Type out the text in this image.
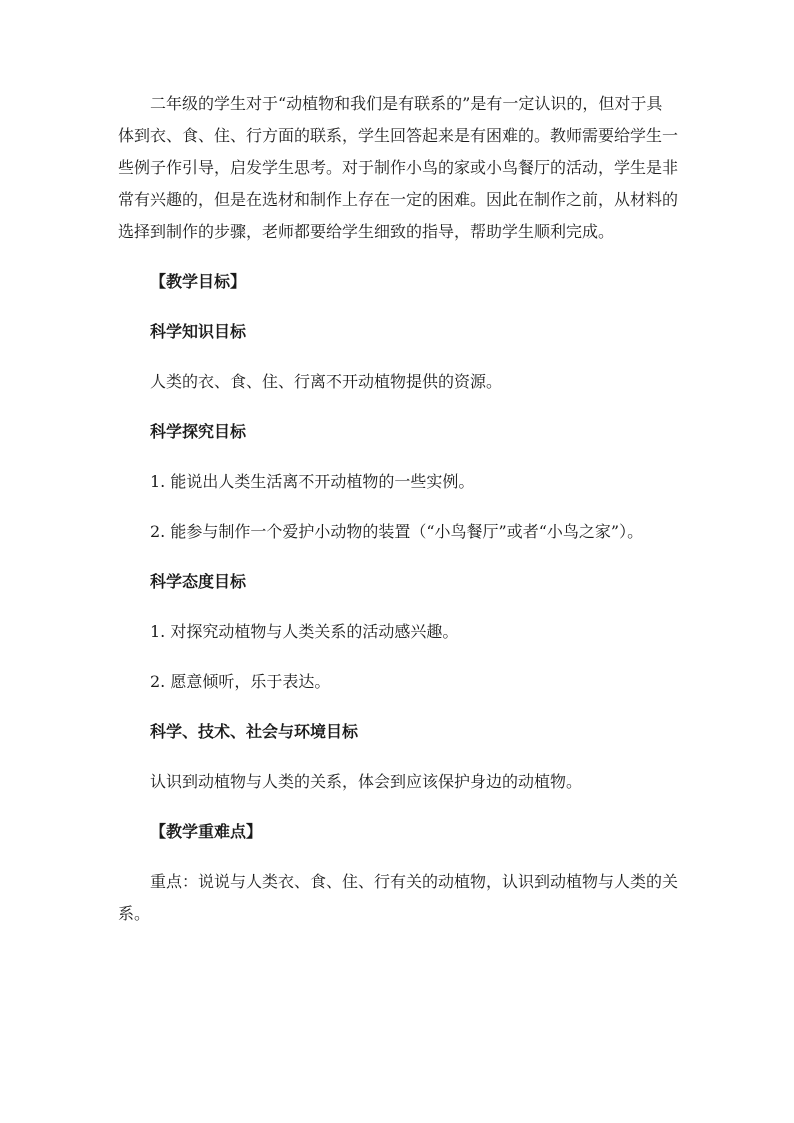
二年级的学生对于“动植物和我们是有联系的”是有一定认识的，但对于具体到衣、食、住、行方面的联系，学生回答起来是有困难的。教师需要给学生一些例子作引导，启发学生思考。对于制作小鸟的家或小鸟餐厅的活动，学生是非常有兴趣的，但是在选材和制作上存在一定的困难。因此在制作之前，从材料的选择到制作的步骤，老师都要给学生细致的指导，帮助学生顺利完成。

【教学目标】

科学知识目标

人类的衣、食、住、行离不开动植物提供的资源。

科学探究目标

1. 能说出人类生活离不开动植物的一些实例。

2. 能参与制作一个爱护小动物的装置（“小鸟餐厅”或者“小鸟之家”）。

科学态度目标

1. 对探究动植物与人类关系的活动感兴趣。

2. 愿意倾听，乐于表达。

科学、技术、社会与环境目标

认识到动植物与人类的关系，体会到应该保护身边的动植物。

【教学重难点】

重点：说说与人类衣、食、住、行有关的动植物，认识到动植物与人类的关系。
